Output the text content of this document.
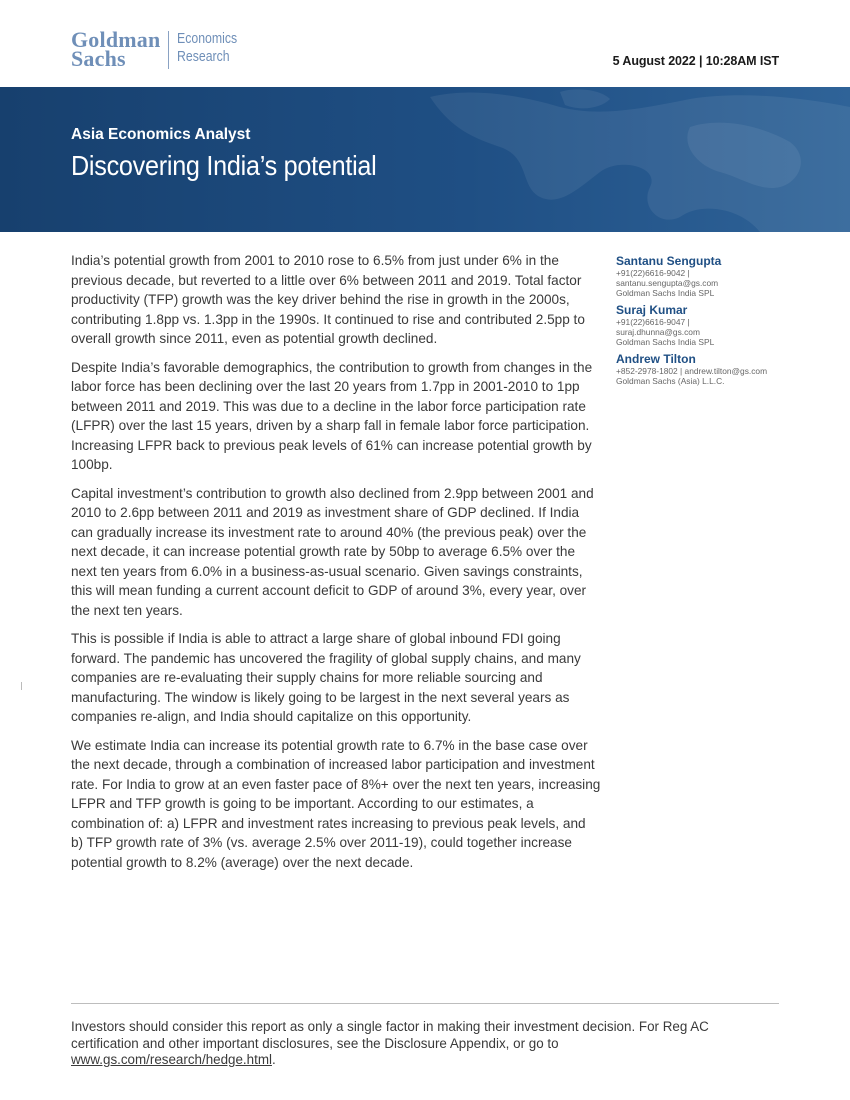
Goldman
Sachs
Economics
Research	5 August 2022 | 10:28AM IST
Asia Economics Analyst
Discovering India’s potential

India’s potential growth from 2001 to 2010 rose to 6.5% from just under 6% in the previous decade, but reverted to a little over 6% between 2011 and 2019. Total factor productivity (TFP) growth was the key driver behind the rise in growth in the 2000s, contributing 1.8pp vs. 1.3pp in the 1990s. It continued to rise and contributed 2.5pp to overall growth since 2011, even as potential growth declined.

Despite India’s favorable demographics, the contribution to growth from changes in the labor force has been declining over the last 20 years from 1.7pp in 2001-2010 to 1pp between 2011 and 2019. This was due to a decline in the labor force participation rate (LFPR) over the last 15 years, driven by a sharp fall in female labor force participation. Increasing LFPR back to previous peak levels of 61% can increase potential growth by 100bp.

Capital investment’s contribution to growth also declined from 2.9pp between 2001 and 2010 to 2.6pp between 2011 and 2019 as investment share of GDP declined. If India can gradually increase its investment rate to around 40% (the previous peak) over the next decade, it can increase potential growth rate by 50bp to average 6.5% over the next ten years from 6.0% in a business-as-usual scenario. Given savings constraints, this will mean funding a current account deficit to GDP of around 3%, every year, over the next ten years.

This is possible if India is able to attract a large share of global inbound FDI going forward. The pandemic has uncovered the fragility of global supply chains, and many companies are re-evaluating their supply chains for more reliable sourcing and manufacturing. The window is likely going to be largest in the next several years as companies re-align, and India should capitalize on this opportunity.

We estimate India can increase its potential growth rate to 6.7% in the base case over the next decade, through a combination of increased labor participation and investment rate. For India to grow at an even faster pace of 8%+ over the next ten years, increasing LFPR and TFP growth is going to be important. According to our estimates, a combination of: a) LFPR and investment rates increasing to previous peak levels, and b) TFP growth rate of 3% (vs. average 2.5% over 2011-19), could together increase potential growth to 8.2% (average) over the next decade.

Santanu Sengupta
+91(22)6616-9042 |
santanu.sengupta@gs.com
Goldman Sachs India SPL
Suraj Kumar
+91(22)6616-9047 |
suraj.dhunna@gs.com
Goldman Sachs India SPL
Andrew Tilton
+852-2978-1802 | andrew.tilton@gs.com
Goldman Sachs (Asia) L.L.C.
Investors should consider this report as only a single factor in making their investment decision. For Reg AC certification and other important disclosures, see the Disclosure Appendix, or go to
www.gs.com/research/hedge.html.
